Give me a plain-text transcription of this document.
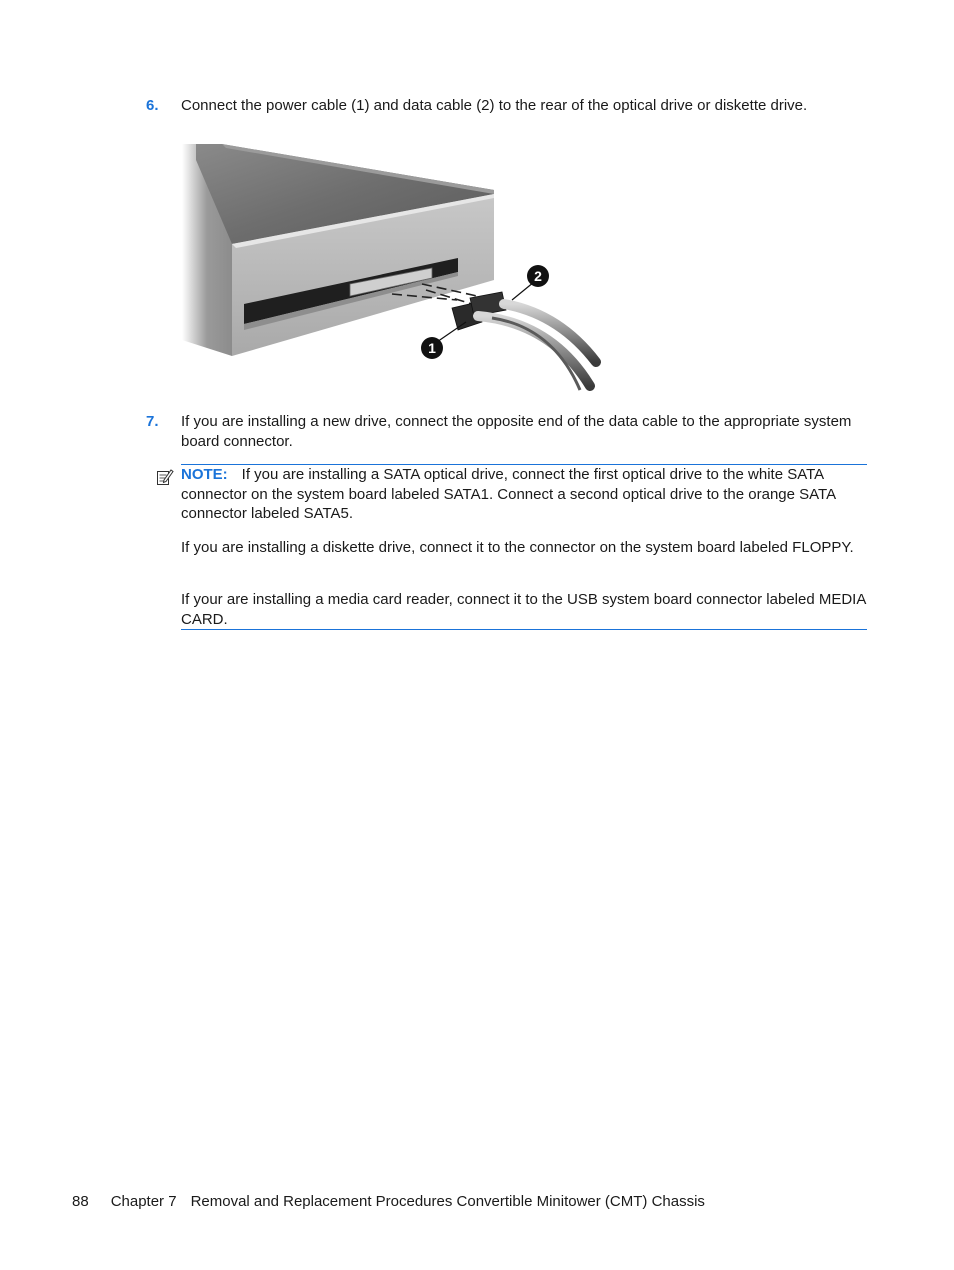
6. Connect the power cable (1) and data cable (2) to the rear of the optical drive or diskette drive.
1
2
7. If you are installing a new drive, connect the opposite end of the data cable to the appropriate system board connector.
NOTE: If you are installing a SATA optical drive, connect the first optical drive to the white SATA connector on the system board labeled SATA1. Connect a second optical drive to the orange SATA connector labeled SATA5.
If you are installing a diskette drive, connect it to the connector on the system board labeled FLOPPY.
If your are installing a media card reader, connect it to the USB system board connector labeled MEDIA CARD.
88 Chapter 7 Removal and Replacement Procedures Convertible Minitower (CMT) Chassis
